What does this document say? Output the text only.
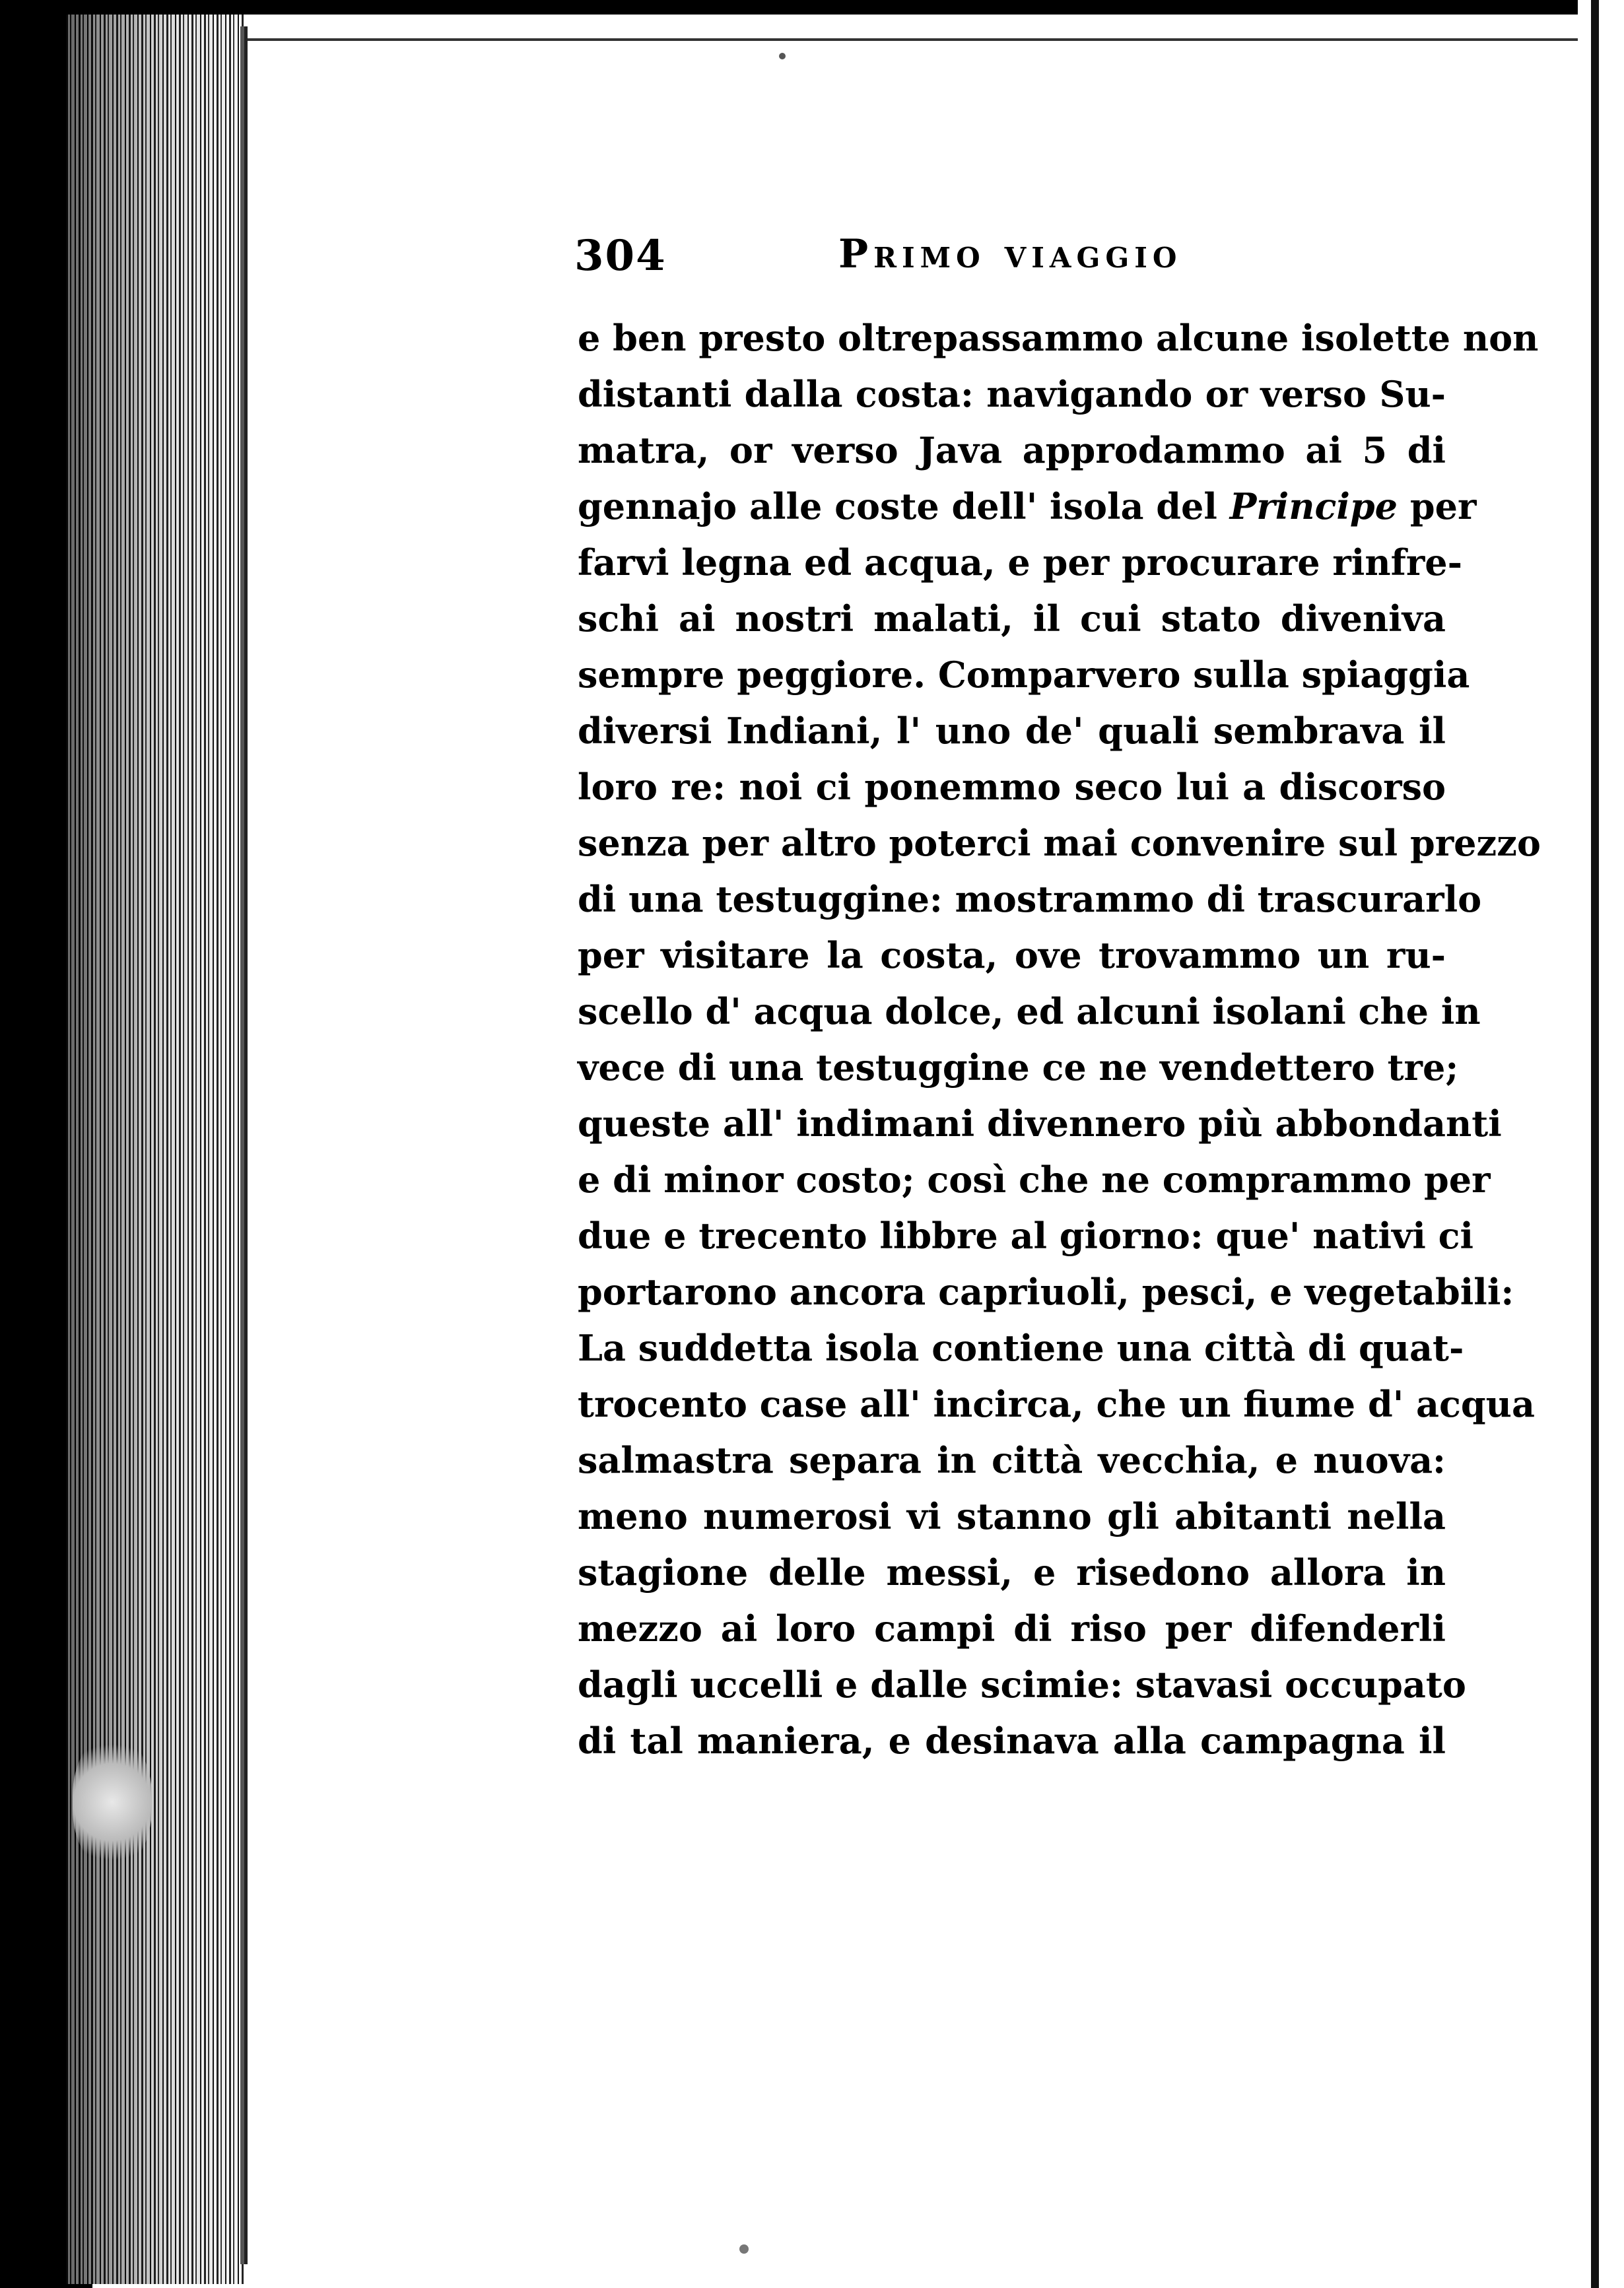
304	Primo viaggio
e ben presto oltrepassammo alcune isolette non
distanti dalla costa: navigando or verso Su-
matra, or verso Java approdammo ai 5 di
gennajo alle coste dell' isola del Principe per
farvi legna ed acqua, e per procurare rinfre-
schi ai nostri malati, il cui stato diveniva
sempre peggiore. Comparvero sulla spiaggia
diversi Indiani, l' uno de' quali sembrava il
loro re: noi ci ponemmo seco lui a discorso
senza per altro poterci mai convenire sul prezzo
di una testuggine: mostrammo di trascurarlo
per visitare la costa, ove trovammo un ru-
scello d' acqua dolce, ed alcuni isolani che in
vece di una testuggine ce ne vendettero tre;
queste all' indimani divennero più abbondanti
e di minor costo; così che ne comprammo per
due e trecento libbre al giorno: que' nativi ci
portarono ancora capriuoli, pesci, e vegetabili:
La suddetta isola contiene una città di quat-
trocento case all' incirca, che un fiume d' acqua
salmastra separa in città vecchia, e nuova:
meno numerosi vi stanno gli abitanti nella
stagione delle messi, e risedono allora in
mezzo ai loro campi di riso per difenderli
dagli uccelli e dalle scimie: stavasi occupato
di tal maniera, e desinava alla campagna il
